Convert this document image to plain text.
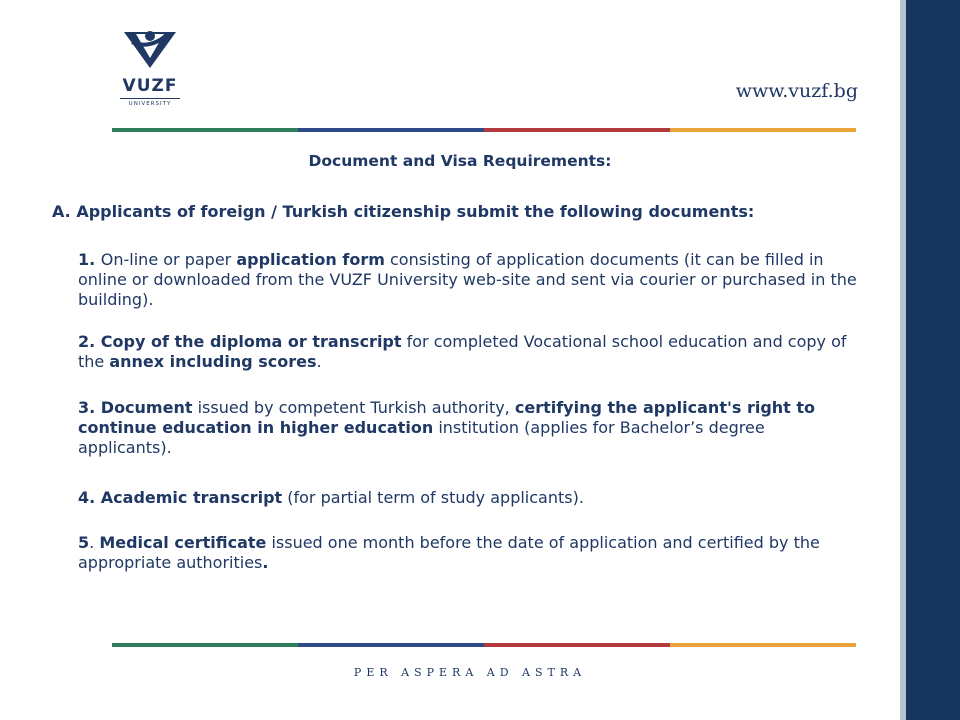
VUZF
UNIVERSITY
www.vuzf.bg
Document and Visa Requirements:
A. Applicants of foreign / Turkish citizenship submit the following documents:
1. On-line or paper application form consisting of application documents (it can be filled in online or downloaded from the VUZF University web-site and sent via courier or purchased in the building).
2. Copy of the diploma or transcript for completed Vocational school education and copy of the annex including scores.
3. Document issued by competent Turkish authority, certifying the applicant's right to continue education in higher education institution (applies for Bachelor’s degree applicants).
4. Academic transcript (for partial term of study applicants).
5. Medical certificate issued one month before the date of application and certified by the appropriate authorities.
PER ASPERA AD ASTRA
